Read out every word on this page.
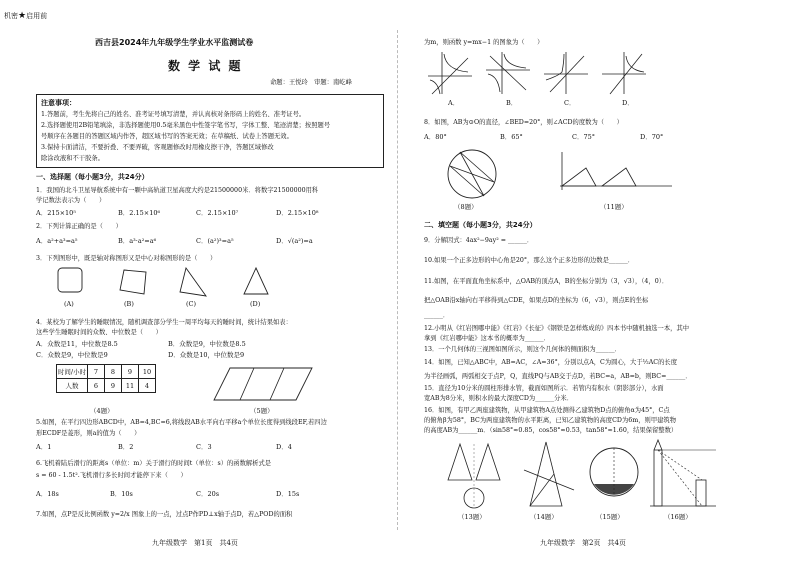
机密★启用前
西吉县2024年九年级学生学业水平监测试卷
数 学 试 题
命题：王悦玲　审题：南屹峰
注意事项：
1.答题前，考生先将自己的姓名、准考证号填写清楚，并认真核对条形码上的姓名、准考证号。
2.选择题使用2B铅笔填涂，非选择题使用0.5毫米黑色中性签字笔书写，字体工整、笔迹清楚；按照题号
号顺序在各题目的答题区域内作答，超区域书写的答案无效；在草稿纸、试卷上答题无效。
3.保持卡面清洁，不要折叠、不要弄破，客观题修改时用橡皮擦干净，答题区域修改
除涂改液和不干胶条。
一、选择题（每小题3分，共24分）
1．我国的北斗卫星导航系统中有一颗中高轨道卫星高度大约是21500000米．将数字21500000用科
学记数法表示为（　　）
A．215×10⁵	B．2.15×10⁶	C．2.15×10⁷	D．2.15×10⁸
2．下列计算正确的是（　　）
A．a²+a³=a⁵	B．a³·a²=a⁶	C．(a²)³=a⁵	D．√(a²)=a
3．下列图形中，既是轴对称图形又是中心对称图形的是（　　）
(A)	(B)	(C)	(D)
4．某校为了解学生的睡眠情况，随机调查部分学生一周平均每天的睡时间，统计结果如表：
这些学生睡眠时间的众数、中位数是（　　）
A．众数是11，中位数是8.5	B．众数是9，中位数是8.5
C．众数是9，中位数是9	D．众数是10，中位数是9
时间/小时	7	8	9	10
人数	6	9	11	4
（4题）	（5题）
5.如图，在平行四边形ABCD中，AB=4,BC=6,将线段AB水平向右平移a个单位长度得到线段EF,若四边
形ECDF是菱形，则a的值为（　　）
A．1	B．2	C．3	D．4
6.飞机着陆后滑行的距离s（单位：m）关于滑行的时间t（单位：s）的函数解析式是
s = 60 - 1.5t².飞机滑行多长时间才能停下来（　　）
A．18s	B．10s	C．20s	D．15s
7.如图，点P是反比例函数 y=2/x 图象上的一点，过点P作PD⊥x轴于点D，若△POD的面积
九年级数学　第1页　共4页
为m，则函数 y=mx−1 的图象为（　　）
A．	B．	C．	D．
8．如图，AB为⊙O的直径，∠BED=20°，则∠ACD的度数为（　　）
A．80°	B．65°	C．75°	D．70°
（8题）	（11题）
二、填空题（每小题3分，共24分）
9．分解因式：4ax²−9ay² = ______．
10.如果一个正多边形的中心角是20°，那么这个正多边形的边数是______．
11.如图，在平面直角坐标系中，△OAB的顶点A，B的坐标分别为（3，√3），（4，0）．
把△OAB沿x轴向右平移得到△CDE，如果点D的坐标为（6，√3），则点E的坐标
______．
12.小明从《红岩图哪中能》《红岩》《长征》《钢铁是怎样炼成的》四本书中随机抽选一本，其中
拿到《红岩哪中能》这本书的概率为______．
13．一个几何体的三视图如图所示，则这个几何体的侧面积为______．
14．如图，已知△ABC中，AB=AC，∠A=36°，分别以点A，C为圆心，大于½AC的长度
为半径画弧，两弧相交于点P，Q，直线PQ与AB交于点D，若BC=a，AB=b，则BC=______．
15．直径为10分米的圆柱形排水管，截面如图所示．若管内有积水（阴影部分），水面
宽AB为8分米，则积水的最大深度CD为______分米．
16．如图，有甲乙两座建筑物，从甲建筑物A点处测得乙建筑物D点的俯角α为45°，C点
的俯角β为58°，BC为两座建筑物的水平距离，已知乙建筑物的高度CD为6m，则甲建筑物
的高度AB为______m．（sin58°≈0.85，cos58°≈0.53，tan58°≈1.60，结果保留整数）
（13题）	（14题）	（15题）	（16题）
九年级数学　第2页　共4页
